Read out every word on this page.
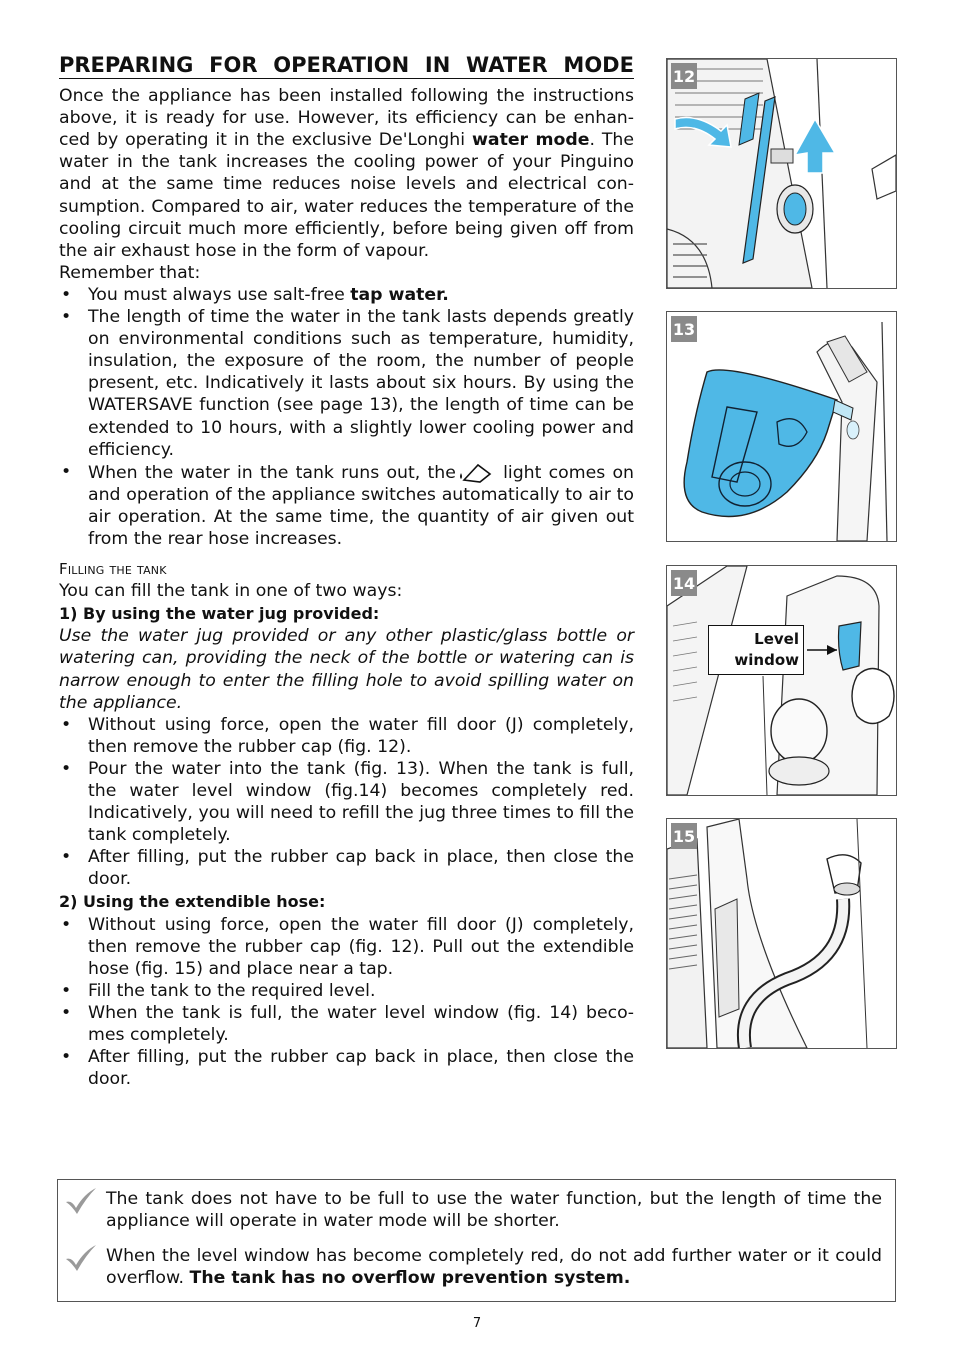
PREPARING FOR OPERATION IN WATER MODE

Once the appliance has been installed following the instructions above, it is ready for use. However, its efficiency can be enhanced by operating it in the exclusive De'Longhi water mode. The water in the tank increases the cooling power of your Pinguino and at the same time reduces noise levels and electrical consumption. Compared to air, water reduces the temperature of the cooling circuit much more efficiently, before being given off from the air exhaust hose in the form of vapour.

Remember that:

• You must always use salt-free tap water.
• The length of time the water in the tank lasts depends greatly on environmental conditions such as temperature, humidity, insulation, the exposure of the room, the number of people present, etc. Indicatively it lasts about six hours. By using the WATERSAVE function (see page 13), the length of time can be extended to 10 hours, with a slightly lower cooling power and efficiency.
• When the water in the tank runs out, the light comes on and operation of the appliance switches automatically to air to air operation. At the same time, the quantity of air given out from the rear hose increases.
Filling the tank

You can fill the tank in one of two ways:

1) By using the water jug provided:

Use the water jug provided or any other plastic/glass bottle or watering can, providing the neck of the bottle or watering can is narrow enough to enter the filling hole to avoid spilling water on the appliance.

• Without using force, open the water fill door (J) completely, then remove the rubber cap (fig. 12).
• Pour the water into the tank (fig. 13). When the tank is full, the water level window (fig.14) becomes completely red. Indicatively, you will need to refill the jug three times to fill the tank completely.
• After filling, put the rubber cap back in place, then close the door.
2) Using the extendible hose:
• Without using force, open the water fill door (J) completely, then remove the rubber cap (fig. 12). Pull out the extendible hose (fig. 15) and place near a tap.
• Fill the tank to the required level.
• When the tank is full, the water level window (fig. 14) becomes completely.
• After filling, put the rubber cap back in place, then close the door.
12
13
Level
window
14
15
The tank does not have to be full to use the water function, but the length of time the appliance will operate in water mode will be shorter.
When the level window has become completely red, do not add further water or it could overflow. The tank has no overflow prevention system.
7
